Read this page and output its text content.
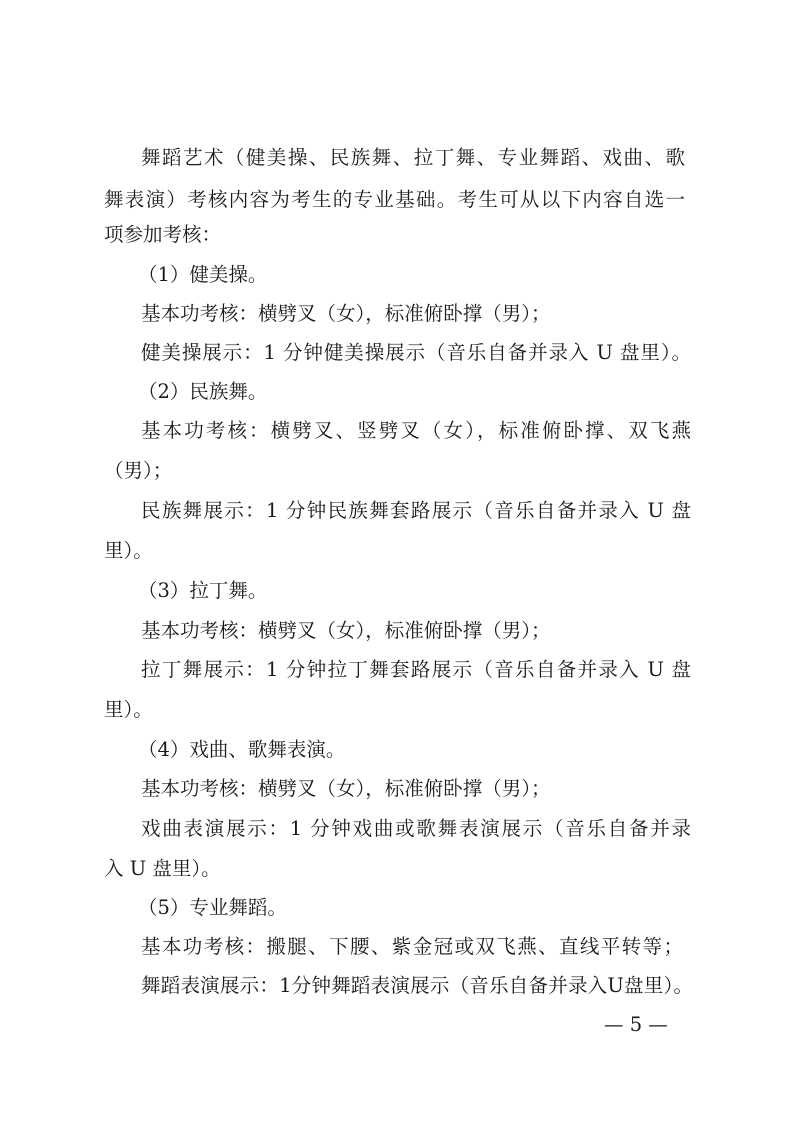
舞蹈艺术（健美操、民族舞、拉丁舞、专业舞蹈、戏曲、歌
舞表演）考核内容为考生的专业基础。考生可从以下内容自选一
项参加考核：
（1）健美操。
基本功考核：横劈叉（女），标准俯卧撑（男）；
健美操展示：1 分钟健美操展示（音乐自备并录入 U 盘里）。
（2）民族舞。
基本功考核：横劈叉、竖劈叉（女），标准俯卧撑、双飞燕
（男）；
民族舞展示：1 分钟民族舞套路展示（音乐自备并录入 U 盘
里）。
（3）拉丁舞。
基本功考核：横劈叉（女），标准俯卧撑（男）；
拉丁舞展示：1 分钟拉丁舞套路展示（音乐自备并录入 U 盘
里）。
（4）戏曲、歌舞表演。
基本功考核：横劈叉（女），标准俯卧撑（男）；
戏曲表演展示：1 分钟戏曲或歌舞表演展示（音乐自备并录
入 U 盘里）。
（5）专业舞蹈。
基本功考核：搬腿、下腰、紫金冠或双飞燕、直线平转等；
舞蹈表演展示：1分钟舞蹈表演展示（音乐自备并录入U盘里）。
— 5 —
